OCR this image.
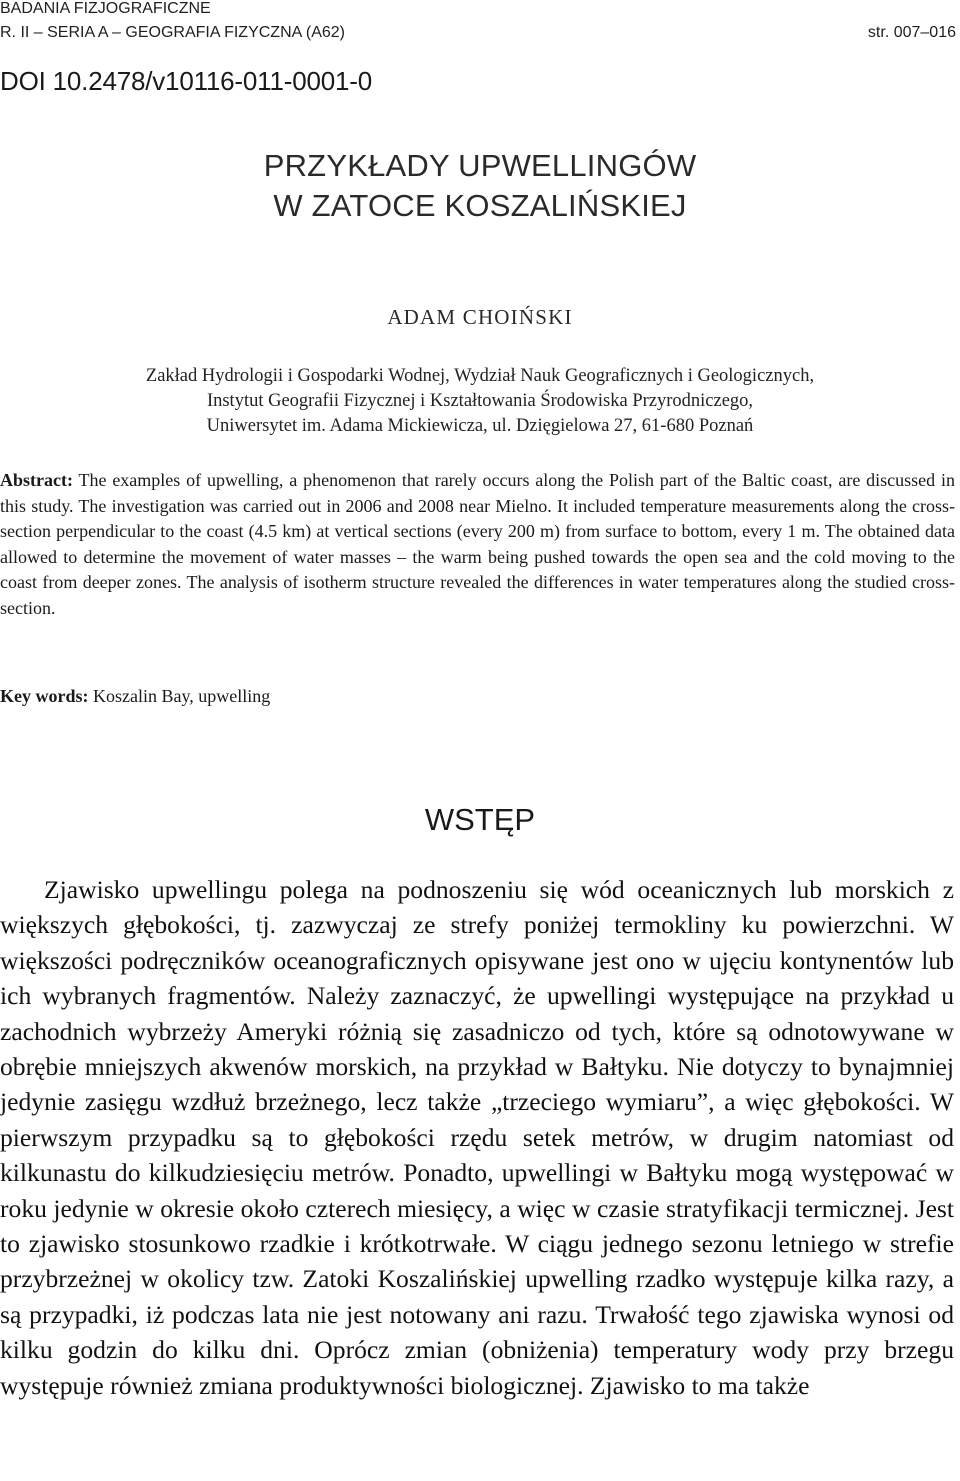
BADANIA FIZJOGRAFICZNE
R. II – SERIA A – GEOGRAFIA FIZYCZNA (A62)	str. 007–016
DOI 10.2478/v10116-011-0001-0
PRZYKŁADY UPWELLINGÓW
W ZATOCE KOSZALIŃSKIEJ
ADAM CHOIŃSKI
Zakład Hydrologii i Gospodarki Wodnej, Wydział Nauk Geograficznych i Geologicznych,
Instytut Geografii Fizycznej i Kształtowania Środowiska Przyrodniczego,
Uniwersytet im. Adama Mickiewicza, ul. Dzięgielowa 27, 61-680 Poznań
Abstract: The examples of upwelling, a phenomenon that rarely occurs along the Polish part of the Baltic coast, are discussed in this study. The investigation was carried out in 2006 and 2008 near Mielno. It included temperature measurements along the cross-section perpendicular to the coast (4.5 km) at vertical sections (every 200 m) from surface to bottom, every 1 m. The obtained data allowed to determine the movement of water masses – the warm being pushed towards the open sea and the cold moving to the coast from deeper zones. The analysis of isotherm structure revealed the differences in water temperatures along the studied cross-section.
Key words: Koszalin Bay, upwelling
WSTĘP
Zjawisko upwellingu polega na podnoszeniu się wód oceanicznych lub morskich z większych głębokości, tj. zazwyczaj ze strefy poniżej termokliny ku powierzchni. W większości podręczników oceanograficznych opisywane jest ono w ujęciu kontynentów lub ich wybranych fragmentów. Należy zaznaczyć, że upwellingi występujące na przykład u zachodnich wybrzeży Ameryki różnią się zasadniczo od tych, które są odnotowywane w obrębie mniejszych akwenów morskich, na przykład w Bałtyku. Nie dotyczy to bynajmniej jedynie zasięgu wzdłuż brzeżnego, lecz także „trzeciego wymiaru”, a więc głębokości. W pierwszym przypadku są to głębokości rzędu setek metrów, w drugim natomiast od kilkunastu do kilkudziesięciu metrów. Ponadto, upwellingi w Bałtyku mogą występować w roku jedynie w okresie około czterech miesięcy, a więc w czasie stratyfikacji termicznej. Jest to zjawisko stosunkowo rzadkie i krótkotrwałe. W ciągu jednego sezonu letniego w strefie przybrzeżnej w okolicy tzw. Zatoki Koszalińskiej upwelling rzadko występuje kilka razy, a są przypadki, iż podczas lata nie jest notowany ani razu. Trwałość tego zjawiska wynosi od kilku godzin do kilku dni. Oprócz zmian (obniżenia) temperatury wody przy brzegu występuje również zmiana produktywności biologicznej. Zjawisko to ma także
